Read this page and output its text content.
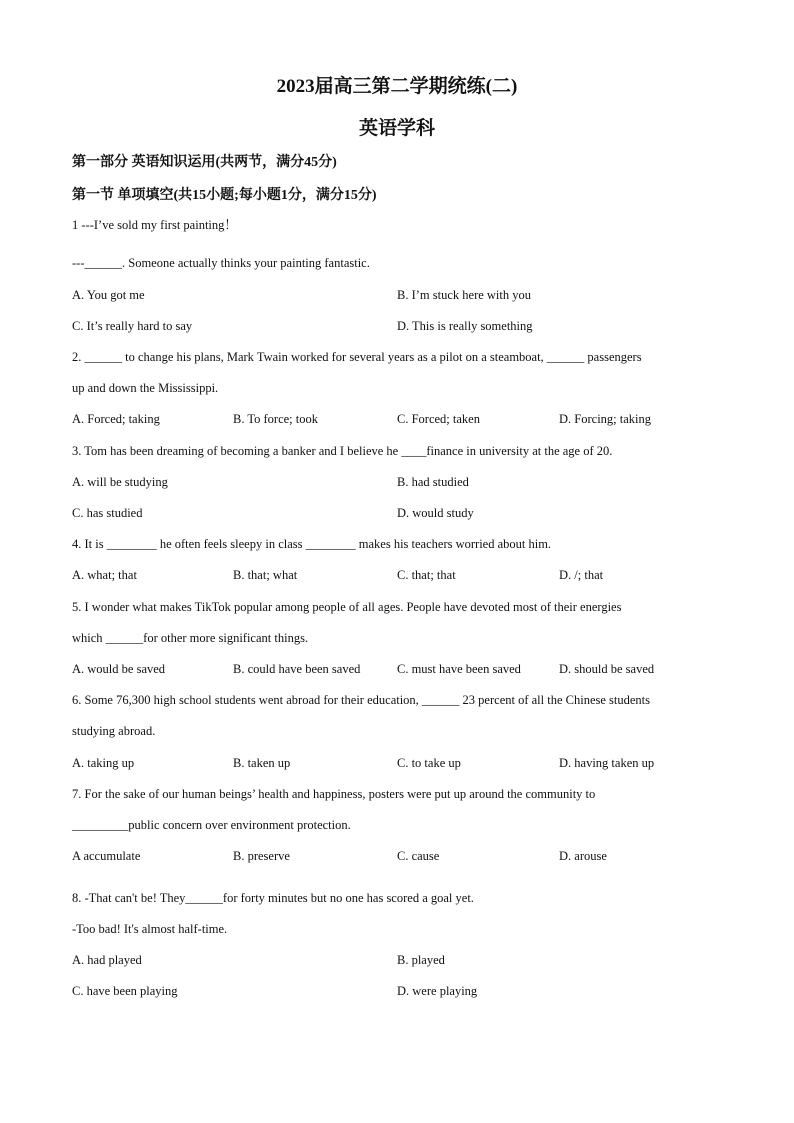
2023届高三第二学期统练(二)
英语学科
第一部分 英语知识运用(共两节，满分45分)
第一节 单项填空(共15小题;每小题1分，满分15分)
1 ---I’ve sold my first painting！
---______. Someone actually thinks your painting fantastic.
A. You got me	B. I’m stuck here with you
C. It’s really hard to say	D. This is really something
2. ______ to change his plans, Mark Twain worked for several years as a pilot on a steamboat, ______ passengers
up and down the Mississippi.
A. Forced; taking	B. To force; took	C. Forced; taken	D. Forcing; taking
3. Tom has been dreaming of becoming a banker and I believe he ____finance in university at the age of 20.
A. will be studying	B. had studied
C. has studied	D. would study
4. It is ________ he often feels sleepy in class ________ makes his teachers worried about him.
A. what; that	B. that; what	C. that; that	D. /; that
5. I wonder what makes TikTok popular among people of all ages. People have devoted most of their energies
which ______for other more significant things.
A. would be saved	B. could have been saved	C. must have been saved	D. should be saved
6. Some 76,300 high school students went abroad for their education, ______ 23 percent of all the Chinese students
studying abroad.
A. taking up	B. taken up	C. to take up	D. having taken up
7. For the sake of our human beings’ health and happiness, posters were put up around the community to
_________public concern over environment protection.
A accumulate	B. preserve	C. cause	D. arouse
8. -That can't be! They______for forty minutes but no one has scored a goal yet.
-Too bad! It's almost half-time.
A. had played	B. played
C. have been playing	D. were playing
